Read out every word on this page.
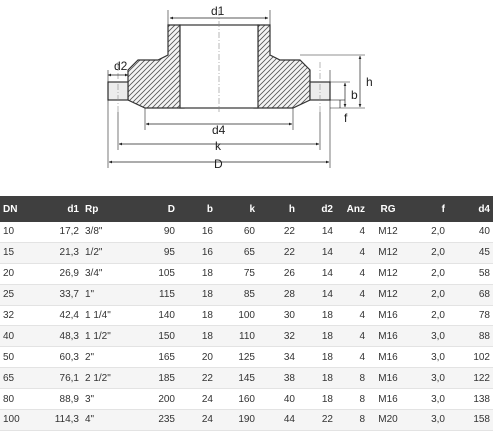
d1
d2
d4
k
D
h
b
f
DN	d1	Rp	D	b	k	h	d2	Anz	RG	f	d4
10	17,2	3/8"	90	16	60	22	14	4	M12	2,0	40
15	21,3	1/2"	95	16	65	22	14	4	M12	2,0	45
20	26,9	3/4"	105	18	75	26	14	4	M12	2,0	58
25	33,7	1"	115	18	85	28	14	4	M12	2,0	68
32	42,4	1 1/4"	140	18	100	30	18	4	M16	2,0	78
40	48,3	1 1/2"	150	18	110	32	18	4	M16	3,0	88
50	60,3	2"	165	20	125	34	18	4	M16	3,0	102
65	76,1	2 1/2"	185	22	145	38	18	8	M16	3,0	122
80	88,9	3"	200	24	160	40	18	8	M16	3,0	138
100	114,3	4"	235	24	190	44	22	8	M20	3,0	158
